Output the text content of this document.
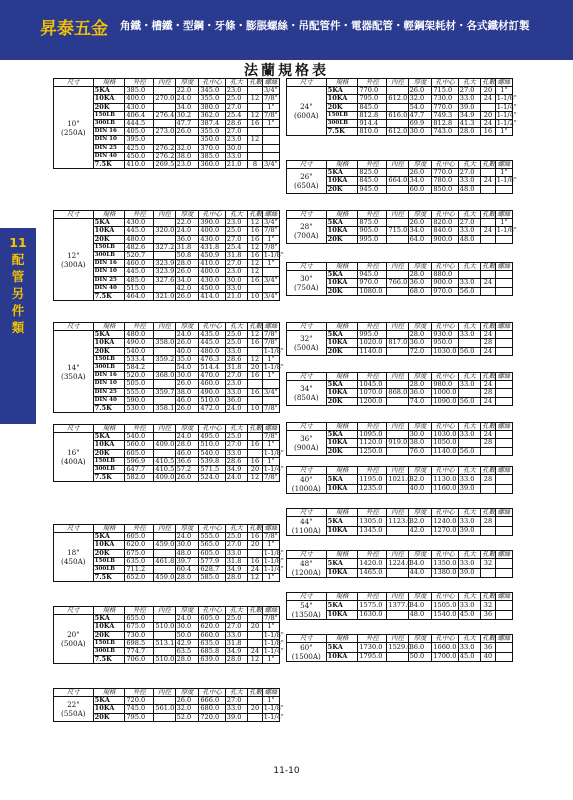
昇泰五金 角鐵・槽鐵・型鋼・牙條・膨脹螺絲・吊配管件・電器配管・輕鋼架耗材・各式鐵材訂製
11
配
管
另
件
類
法蘭規格表
尺寸	規格	外徑	內徑	厚度	孔中心	孔大	孔數	螺絲

10"
(250A)	5KA	385.0		22.0	345.0	23.0		3/4"
	10KA	400.0	270.0	24.0	355.0	25.0	12	7/8"
	20K	430.0		34.0	380.0	27.0		1"
	150LB	406.4	276.4	30.2	362.0	25.4	12	7/8"
	300LB	444.5		47.7	387.4	28.6	16	1"
	DIN 16	405.0	273.0	26.0	355.0	27.0		
	DIN 10	395.0			350.0	23.0	12	
	DIN 25	425.0	276.2	32.0	370.0	30.0		
	DIN 40	450.0	276.2	38.0	385.0	33.0		
	7.5K	410.0	269.5	23.0	360.0	21.0	8	3/4"
尺寸	規格	外徑	內徑	厚度	孔中心	孔大	孔數	螺絲

12"
(300A)	5KA	430.0		22.0	390.0	23.0	12	3/4"
	10KA	445.0	320.0	24.0	400.0	25.0	16	7/8"
	20K	480.0		36.0	430.0	27.0	16	1"
	150LB	482.6	327.2	31.8	431.8	25.4	12	7/8"
	300LB	520.7		50.8	450.9	31.8	16	1-1/8"
	DIN 16	460.0	323.9	28.0	410.0	27.0	12	1"
	DIN 10	445.0	323.9	26.0	400.0	23.0	12	
	DIN 25	485.0	327.6	34.0	430.0	30.0	16	3/4"
	DIN 40	515.0		42.0	450.0	33.0		
	7.5K	464.0	321.0	26.0	414.0	21.0	10	3/4"
尺寸	規格	外徑	內徑	厚度	孔中心	孔大	孔數	螺絲

14"
(350A)	5KA	480.0		24.0	435.0	25.0	12	7/8"
	10KA	490.0	358.0	26.0	445.0	25.0	16	7/8"
	20K	540.0		40.0	480.0	33.0		1-1/8"
	150LB	533.4	359.2	35.0	476.3	28.6	12	1"
	300LB	584.2		54.0	514.4	31.8	20	1-1/8"
	DIN 16	520.0	368.0	30.0	470.0	27.0	16	1"
	DIN 10	505.0		26.0	460.0	23.0		
	DIN 25	555.0	359.7	38.0	490.0	33.0	16	3/4"
	DIN 40	590.0		46.0	510.0	36.0		
	7.5K	530.0	358.1	26.0	472.0	24.0	10	7/8"
尺寸	規格	外徑	內徑	厚度	孔中心	孔大	孔數	螺絲

16"
(400A)	5KA	540.0		24.0	495.0	25.0		7/8"
	10KA	560.0	409.0	28.0	510.0	27.0	16	1"
	20K	605.0		46.0	540.0	33.0		1-1/8"
	150LB	596.9	410.5	36.6	539.8	28.6	16	1"
	300LB	647.7	410.5	57.2	571.5	34.9	20	1-1/4"
	7.5K	582.0	409.0	26.0	524.0	24.0	12	7/8"
尺寸	規格	外徑	內徑	厚度	孔中心	孔大	孔數	螺絲

18"
(450A)	5KA	605.0		24.0	555.0	25.0	16	7/8"
	10KA	620.0	459.0	30.0	565.0	27.0	20	1"
	20K	675.0		48.0	605.0	33.0		1-1/8"
	150LB	635.0	461.8	39.7	577.9	31.8	16	1-1/8"
	300LB	711.2		60.4	628.7	34.9	24	1-1/4"
	7.5K	652.0	459.0	28.0	585.0	28.0	12	1"
尺寸	規格	外徑	內徑	厚度	孔中心	孔大	孔數	螺絲

20"
(500A)	5KA	655.0		24.0	605.0	25.0		7/8"
	10KA	675.0	510.0	30.0	620.0	27.0	20	1"
	20K	730.0		50.0	660.0	33.0		1-1/8"
	150LB	698.5	513.1	42.9	635.0	31.8		1-1/8"
	300LB	774.7		63.5	685.8	34.9	24	1-1/4"
	7.5K	706.0	510.0	28.0	639.0	28.0	12	1"
尺寸	規格	外徑	內徑	厚度	孔中心	孔大	孔數	螺絲

22"
(550A)	5KA	720.0		26.0	666.0	27.0		1"
	10KA	745.0	561.0	32.0	680.0	33.0	20	1-1/8"
	20K	795.0		52.0	720.0	39.0		1-1/4"
尺寸	規格	外徑	內徑	厚度	孔中心	孔大	孔數	螺絲

24"
(600A)	5KA	770.0		26.0	715.0	27.0	20	1"
	10KA	795.0	612.0	32.0	730.0	33.0	24	1-1/8"
	20K	845.0		54.0	770.0	39.0		1-1/4"
	150LB	812.8	616.0	47.7	749.3	34.9	20	1-1/4"
	300LB	914.4		69.9	812.8	41.3	24	1-1/2"
	7.5K	810.0	612.0	30.0	743.0	28.0	16	1"
尺寸	規格	外徑	內徑	厚度	孔中心	孔大	孔數	螺絲

26"
(650A)	5KA	825.0		26.0	770.0	27.0		1"
	10KA	845.0	664.0	34.0	780.0	33.0	24	1-1/8"
	20K	945.0		60.0	850.0	48.0		
尺寸	規格	外徑	內徑	厚度	孔中心	孔大	孔數	螺絲

28"
(700A)	5KA	875.0		26.0	820.0	27.0		1"
	10KA	905.0	715.0	34.0	840.0	33.0	24	1-1/8"
	20K	995.0		64.0	900.0	48.0		
尺寸	規格	外徑	內徑	厚度	孔中心	孔大	孔數	螺絲

30"
(750A)	5KA	945.0		28.0	880.0			
	10KA	970.0	766.0	36.0	900.0	33.0	24	
	20K	1080.0		68.0	970.0	56.0		
尺寸	規格	外徑	內徑	厚度	孔中心	孔大	孔數	螺絲

32"
(500A)	5KA	995.0		28.0	930.0	33.0	24	
	10KA	1020.0	817.0	36.0	950.0		28	
	20K	1140.0		72.0	1030.0	56.0	24	
尺寸	規格	外徑	內徑	厚度	孔中心	孔大	孔數	螺絲

34"
(850A)	5KA	1045.0		28.0	980.0	33.0	24	
	10KA	1070.0	868.0	36.0	1000.0		28	
	20K	1200.0		74.0	1090.0	56.0	24	
尺寸	規格	外徑	內徑	厚度	孔中心	孔大	孔數	螺絲

36"
(900A)	5KA	1095.0		30.0	1030.0	33.0	24	
	10KA	1120.0	919.0	38.0	1050.0		28	
	20K	1250.0		76.0	1140.0	56.0		
尺寸	規格	外徑	內徑	厚度	孔中心	孔大	孔數	螺絲

40"
(1000A)	5KA	1195.0	1021.0	32.0	1130.0	33.0	28	
	10KA	1235.0		40.0	1160.0	39.0		
尺寸	規格	外徑	內徑	厚度	孔中心	孔大	孔數	螺絲

44"
(1100A)	5KA	1305.0	1123.0	32.0	1240.0	33.0	28	
	10KA	1345.0		42.0	1270.0	39.0		
尺寸	規格	外徑	內徑	厚度	孔中心	孔大	孔數	螺絲

48"
(1200A)	5KA	1420.0	1224.0	34.0	1350.0	33.0	32	
	10KA	1465.0		44.0	1380.0	39.0		
尺寸	規格	外徑	內徑	厚度	孔中心	孔大	孔數	螺絲

54"
(1350A)	5KA	1575.0	1377.0	34.0	1505.0	33.0	32	
	10KA	1630.0		48.0	1540.0	45.0	36	
尺寸	規格	外徑	內徑	厚度	孔中心	孔大	孔數	螺絲

60"
(1500A)	5KA	1730.0	1529.0	36.0	1660.0	33.0	36	
	10KA	1795.0		50.0	1700.0	45.0	40	
11-10
